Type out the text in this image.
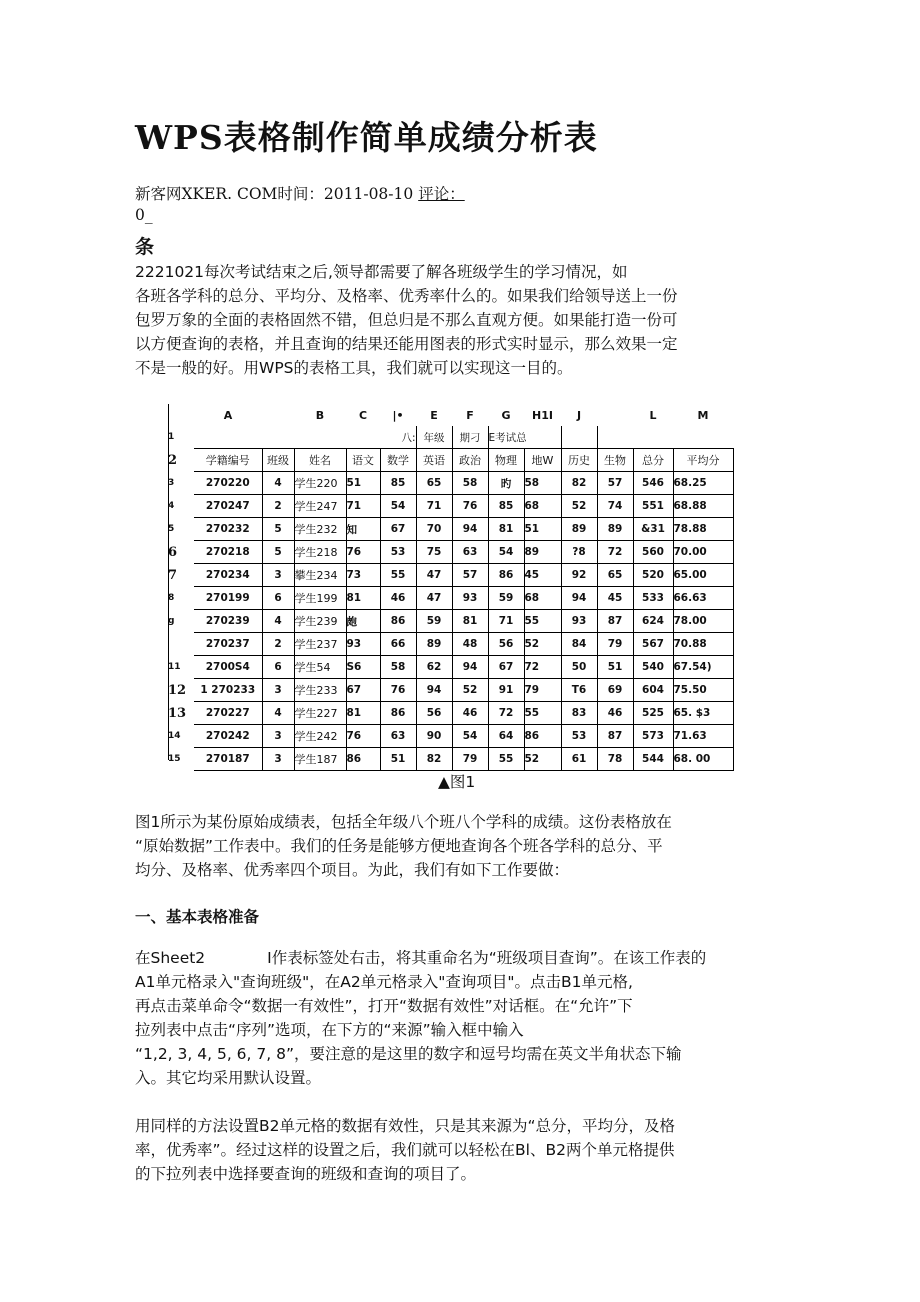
WPS表格制作简单成绩分析表
新客网XKER. COM时间：2011-08-10 评论：
0_
条
2221021每次考试结束之后,领导都需要了解各班级学生的学习情况，如
各班各学科的总分、平均分、及格率、优秀率什么的。如果我们给领导送上一份
包罗万象的全面的表格固然不错，但总归是不那么直观方便。如果能打造一份可
以方便查询的表格，并且查询的结果还能用图表的形式实时显示，那么效果一定
不是一般的好。用WPS的表格工具，我们就可以实现这一目的。
	A		B	C	|•	E	F	G	H1I	J		L	M	
1					八:	年级	期刁	E考试总						
2	学籍编号	班级	姓名	语文	数学	英语	政治	物理	地W	历史	生物	总分	平均分	
3	270220	4	学生220	51	85	65	58	旳	58	82	57	546	68.25	
4	270247	2	学生247	71	54	71	76	85	68	52	74	551	68.88	
5	270232	5	学生232	知	67	70	94	81	51	89	89	&31	78.88	
6	270218	5	学生218	76	53	75	63	54	89	?8	72	560	70.00	
7	270234	3	攀生234	73	55	47	57	86	45	92	65	520	65.00	
8	270199	6	学生199	81	46	47	93	59	68	94	45	533	66.63	
g	270239	4	学生239	皰	86	59	81	71	55	93	87	624	78.00	
	270237	2	学生237	93	66	89	48	56	52	84	79	567	70.88	
11	2700S4	6	学生54	S6	58	62	94	67	72	50	51	540	67.54)	
12	1 270233	3	学生233	67	76	94	52	91	79	T6	69	604	75.50	
13	270227	4	学生227	81	86	56	46	72	55	83	46	525	65. $3	
14	270242	3	学生242	76	63	90	54	64	86	53	87	573	71.63	
15	270187	3	学生187	86	51	82	79	55	52	61	78	544	68. 00	
▲图1
图1所示为某份原始成绩表，包括全年级八个班八个学科的成绩。这份表格放在
“原始数据”工作表中。我们的任务是能够方便地查询各个班各学科的总分、平
均分、及格率、优秀率四个项目。为此，我们有如下工作要做：
一、基本表格准备
在Sheet2　　　　I作表标签处右击，将其重命名为“班级项目查询”。在该工作表的
A1单元格录入"查询班级"，在A2单元格录入"查询项目"。点击B1单元格,
再点击菜单命令“数据一有效性”，打开“数据有效性”对话框。在“允许”下
拉列表中点击“序列”选项，在下方的“来源”输入框中输入
“1,2, 3, 4, 5, 6, 7, 8”，要注意的是这里的数字和逗号均需在英文半角状态下输
入。其它均采用默认设置。
用同样的方法设置B2单元格的数据有效性，只是其来源为“总分，平均分，及格
率，优秀率”。经过这样的设置之后，我们就可以轻松在Bl、B2两个单元格提供
的下拉列表中选择要查询的班级和查询的项目了。
